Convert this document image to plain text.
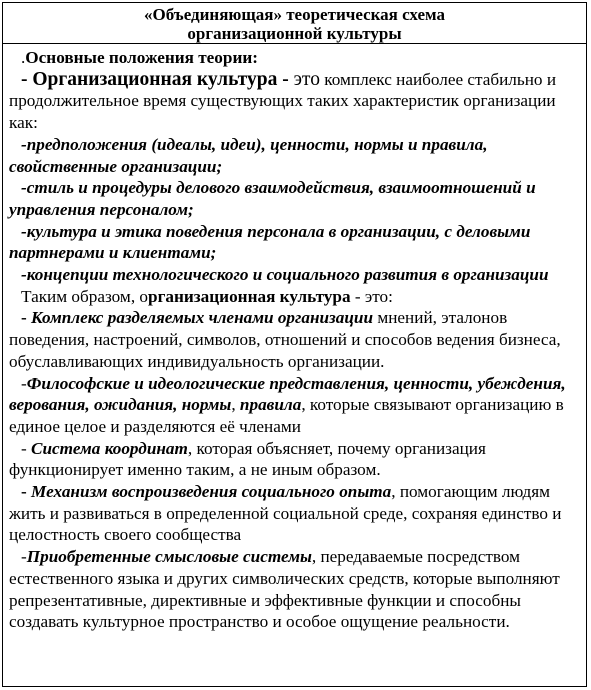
«Объединяющая» теоретическая схема
организационной культуры

.Основные положения теории:

- Организационная культура - это комплекс наиболее стабильно и продолжительное время существующих таких характеристик организации как:

-предположения (идеалы, идеи), ценности, нормы и правила, свойственные организации;

-стиль и процедуры делового взаимодействия, взаимоотношений и управления персоналом;

-культура и этика поведения персонала в организации, с деловыми партнерами и клиентами;

-концепции технологического и социального развития в организации

Таким образом, организационная культура - это:

- Комплекс разделяемых членами организации мнений, эталонов поведения, настроений, символов, отношений и способов ведения бизнеса, обуславливающих индивидуальность организации.

-Философские и идеологические представления, ценности, убеждения, верования, ожидания, нормы, правила, которые связывают организацию в единое целое и разделяются её членами

- Система координат, которая объясняет, почему организация функционирует именно таким, а не иным образом.

- Механизм воспроизведения социального опыта, помогающим людям жить и развиваться в определенной социальной среде, сохраняя единство и целостность своего сообщества

-Приобретенные смысловые системы, передаваемые посредством естественного языка и других символических средств, которые выполняют репрезентативные, директивные и эффективные функции и способны создавать культурное пространство и особое ощущение реальности.
